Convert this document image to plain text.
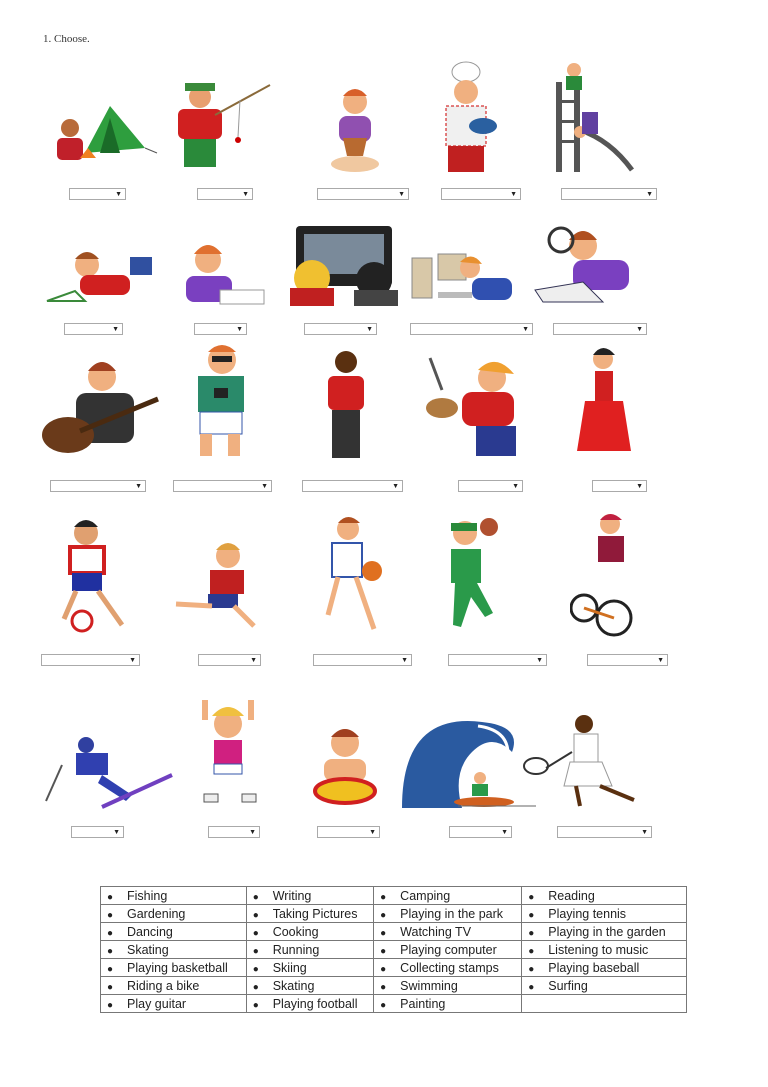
1. Choose.
▼	▼	▼	▼	▼
▼	▼	▼	▼	▼
▼	▼	▼	▼	▼
▼	▼	▼	▼	▼
▼	▼	▼	▼	▼
● Fishing	● Writing	● Camping	● Reading
● Gardening	● Taking Pictures	● Playing in the park	● Playing tennis
● Dancing	● Cooking	● Watching TV	● Playing in the garden
● Skating	● Running	● Playing computer	● Listening to music
● Playing basketball	● Skiing	● Collecting stamps	● Playing baseball
● Riding a bike	● Skating	● Swimming	● Surfing
● Play guitar	● Playing football	● Painting	
